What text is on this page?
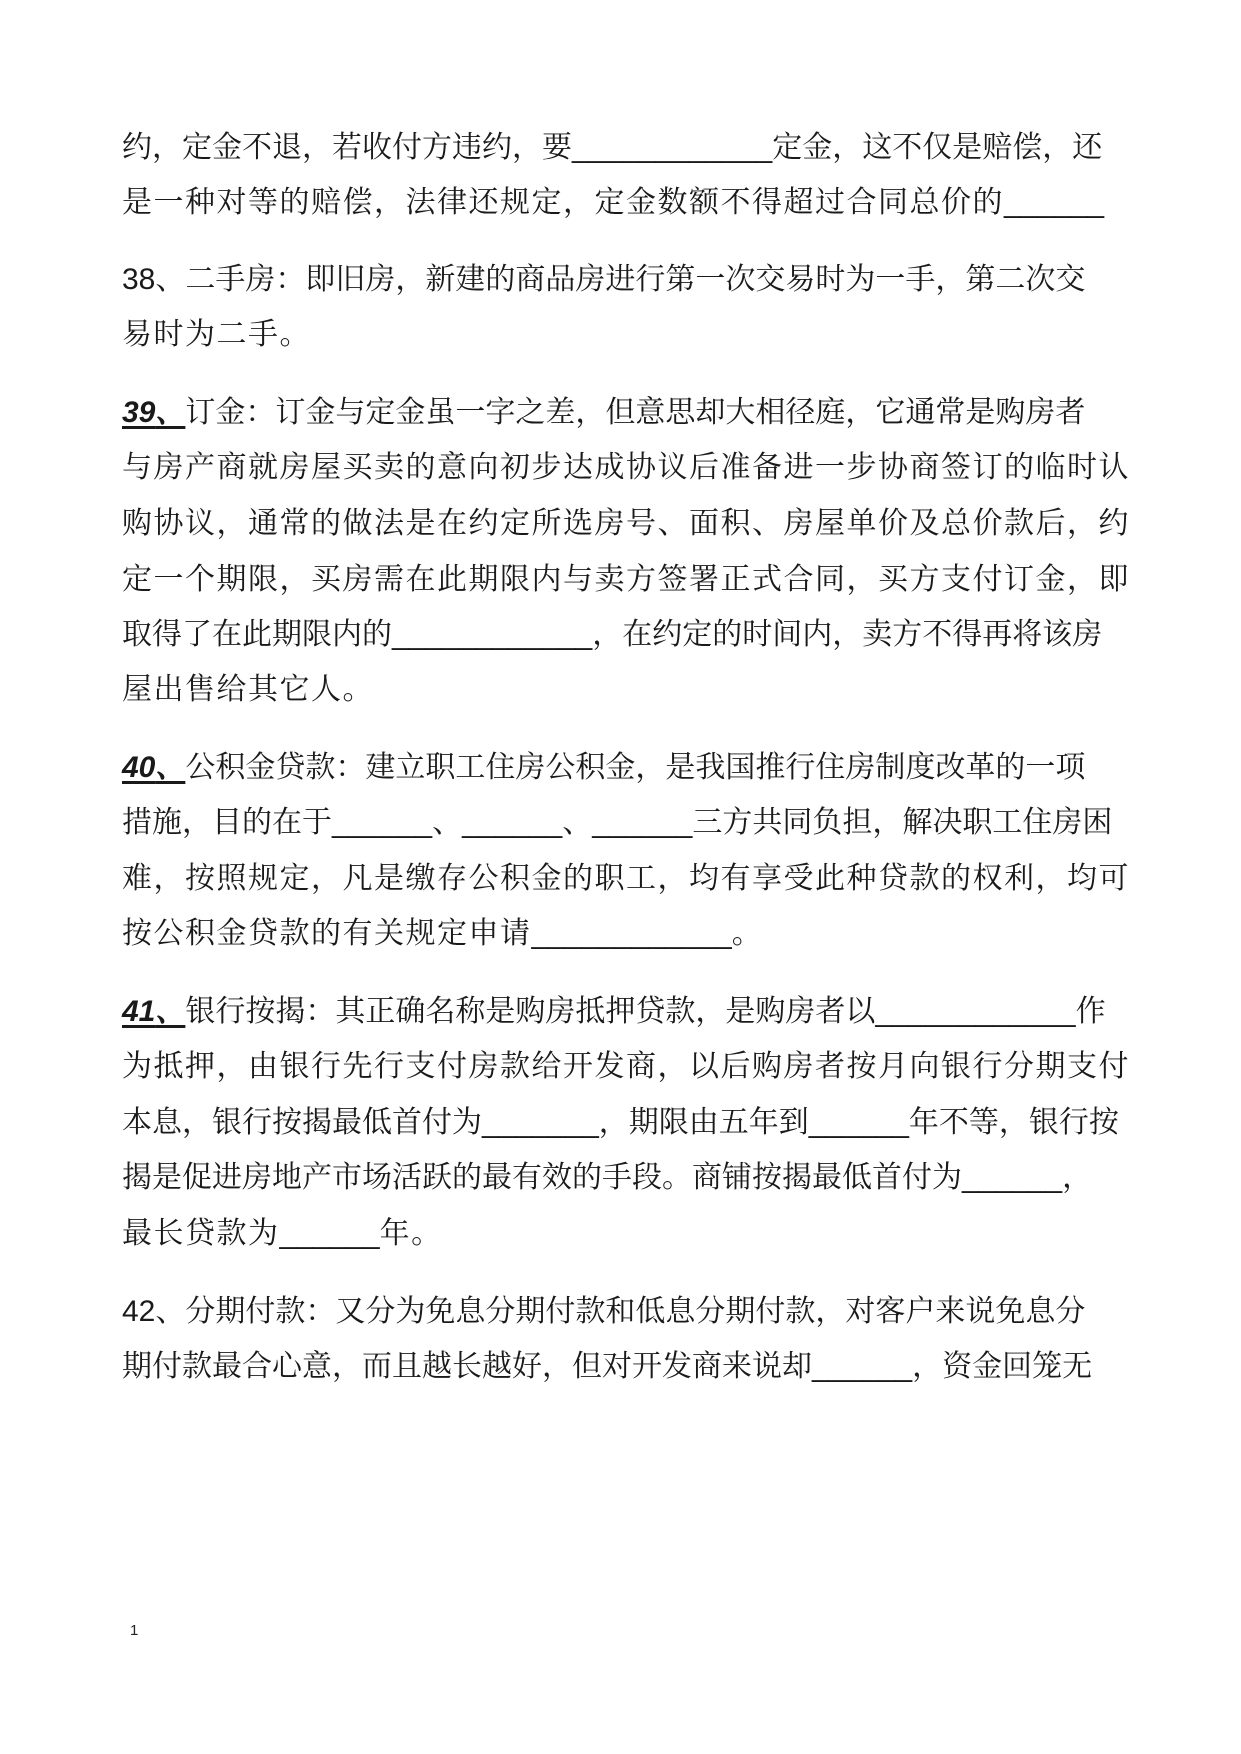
约，定金不退，若收付方违约，要____________定金，这不仅是赔偿，还
是一种对等的赔偿，法律还规定，定金数额不得超过合同总价的______
38、二手房：即旧房，新建的商品房进行第一次交易时为一手，第二次交
易时为二手。
39、订金：订金与定金虽一字之差，但意思却大相径庭，它通常是购房者
与房产商就房屋买卖的意向初步达成协议后准备进一步协商签订的临时认
购协议，通常的做法是在约定所选房号、面积、房屋单价及总价款后，约
定一个期限，买房需在此期限内与卖方签署正式合同，买方支付订金，即
取得了在此期限内的____________，在约定的时间内，卖方不得再将该房
屋出售给其它人。
40、公积金贷款：建立职工住房公积金，是我国推行住房制度改革的一项
措施，目的在于______、______、______三方共同负担，解决职工住房困
难，按照规定，凡是缴存公积金的职工，均有享受此种贷款的权利，均可
按公积金贷款的有关规定申请____________。
41、银行按揭：其正确名称是购房抵押贷款，是购房者以____________作
为抵押，由银行先行支付房款给开发商，以后购房者按月向银行分期支付
本息，银行按揭最低首付为_______，期限由五年到______年不等，银行按
揭是促进房地产市场活跃的最有效的手段。商铺按揭最低首付为______，
最长贷款为______年。
42、分期付款：又分为免息分期付款和低息分期付款，对客户来说免息分
期付款最合心意，而且越长越好，但对开发商来说却______，资金回笼无
1
